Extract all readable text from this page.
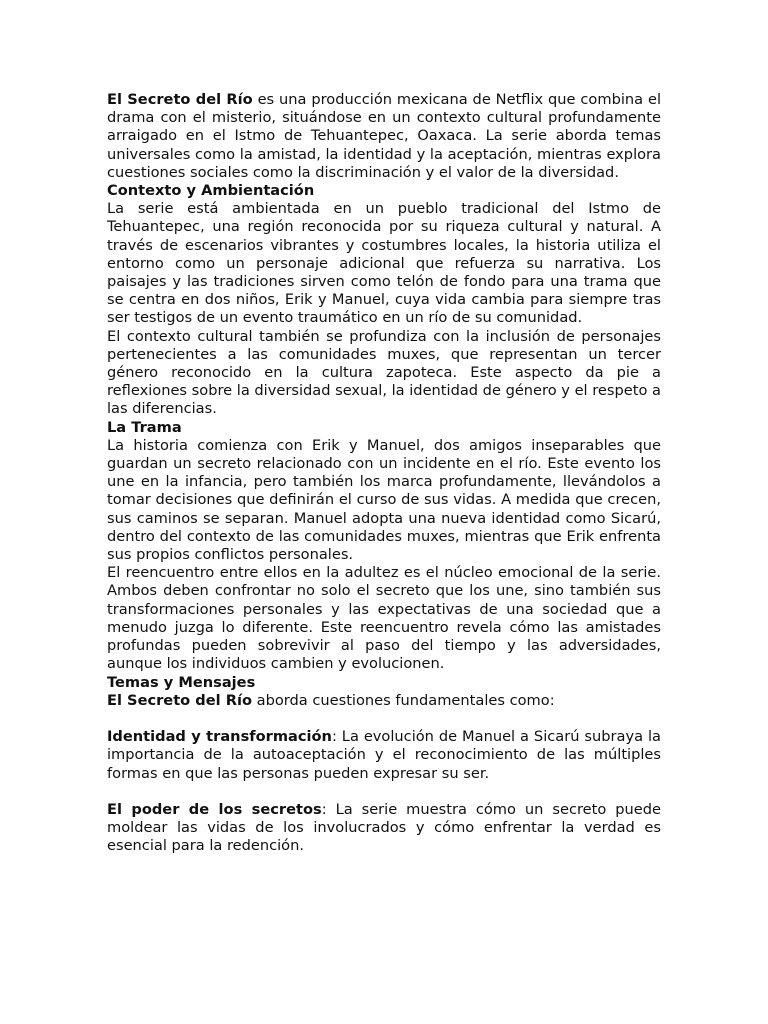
El Secreto del Río es una producción mexicana de Netflix que combina el drama con el misterio, situándose en un contexto cultural profundamente arraigado en el Istmo de Tehuantepec, Oaxaca. La serie aborda temas universales como la amistad, la identidad y la aceptación, mientras explora cuestiones sociales como la discriminación y el valor de la diversidad.

Contexto y Ambientación

La serie está ambientada en un pueblo tradicional del Istmo de Tehuantepec, una región reconocida por su riqueza cultural y natural. A través de escenarios vibrantes y costumbres locales, la historia utiliza el entorno como un personaje adicional que refuerza su narrativa. Los paisajes y las tradiciones sirven como telón de fondo para una trama que se centra en dos niños, Erik y Manuel, cuya vida cambia para siempre tras ser testigos de un evento traumático en un río de su comunidad.

El contexto cultural también se profundiza con la inclusión de personajes pertenecientes a las comunidades muxes, que representan un tercer género reconocido en la cultura zapoteca. Este aspecto da pie a reflexiones sobre la diversidad sexual, la identidad de género y el respeto a las diferencias.

La Trama

La historia comienza con Erik y Manuel, dos amigos inseparables que guardan un secreto relacionado con un incidente en el río. Este evento los une en la infancia, pero también los marca profundamente, llevándolos a tomar decisiones que definirán el curso de sus vidas. A medida que crecen, sus caminos se separan. Manuel adopta una nueva identidad como Sicarú, dentro del contexto de las comunidades muxes, mientras que Erik enfrenta sus propios conflictos personales.

El reencuentro entre ellos en la adultez es el núcleo emocional de la serie. Ambos deben confrontar no solo el secreto que los une, sino también sus transformaciones personales y las expectativas de una sociedad que a menudo juzga lo diferente. Este reencuentro revela cómo las amistades profundas pueden sobrevivir al paso del tiempo y las adversidades, aunque los individuos cambien y evolucionen.

Temas y Mensajes

El Secreto del Río aborda cuestiones fundamentales como:

Identidad y transformación: La evolución de Manuel a Sicarú subraya la importancia de la autoaceptación y el reconocimiento de las múltiples formas en que las personas pueden expresar su ser.

El poder de los secretos: La serie muestra cómo un secreto puede moldear las vidas de los involucrados y cómo enfrentar la verdad es esencial para la redención.
